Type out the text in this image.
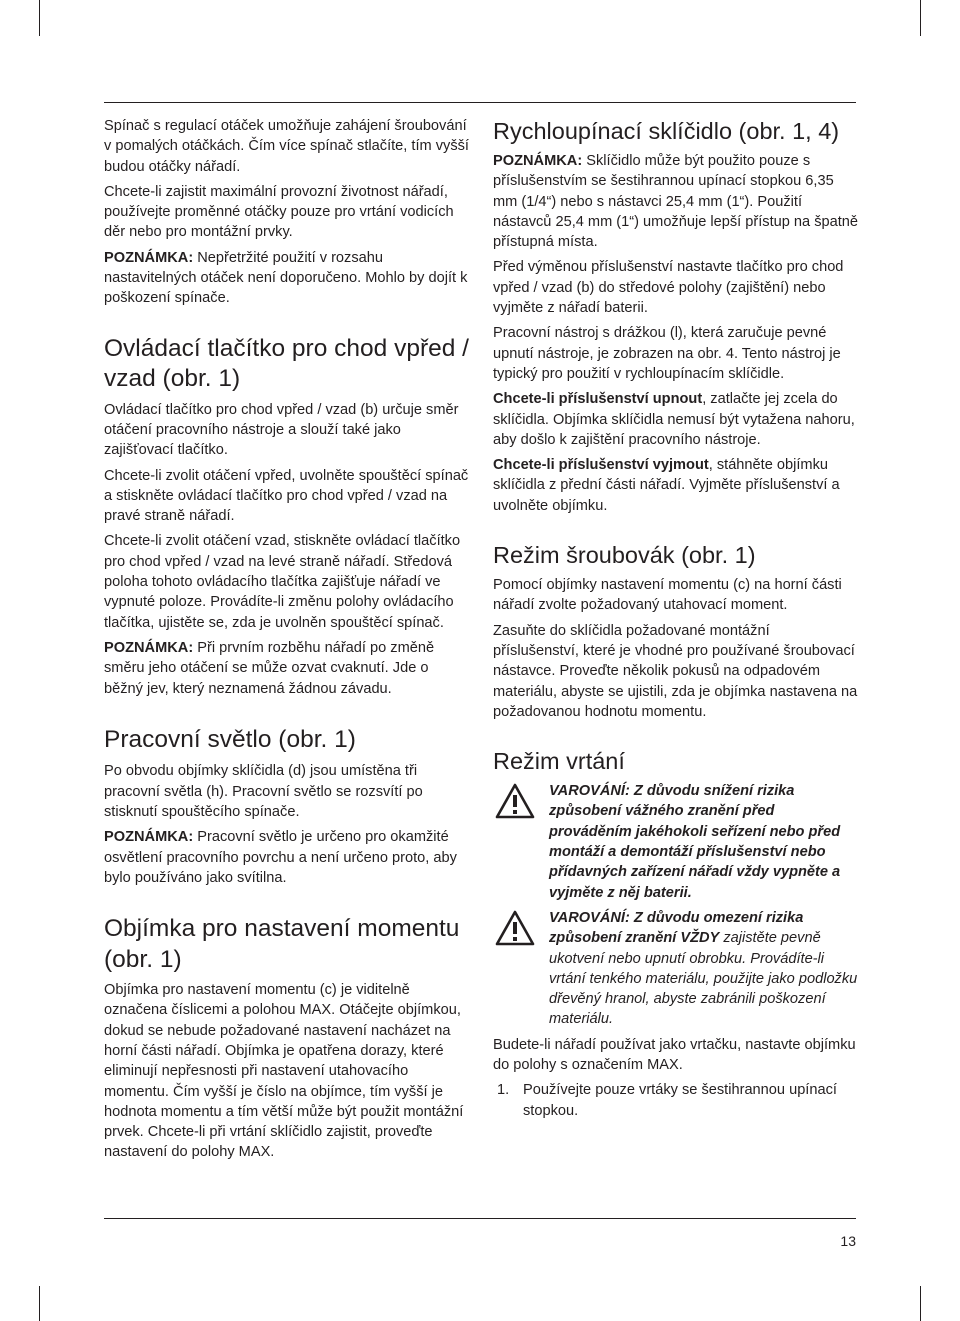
Spínač s regulací otáček umožňuje zahájení šroubování v pomalých otáčkách. Čím více spínač stlačíte, tím vyšší budou otáčky nářadí.

Chcete-li zajistit maximální provozní životnost nářadí, používejte proměnné otáčky pouze pro vrtání vodicích děr nebo pro montážní prvky.

POZNÁMKA: Nepřetržité použití v rozsahu nastavitelných otáček není doporučeno. Mohlo by dojít k poškození spínače.

Ovládací tlačítko pro chod vpřed / vzad (obr. 1)

Ovládací tlačítko pro chod vpřed / vzad (b) určuje směr otáčení pracovního nástroje a slouží také jako zajišťovací tlačítko.

Chcete-li zvolit otáčení vpřed, uvolněte spouštěcí spínač a stiskněte ovládací tlačítko pro chod vpřed / vzad na pravé straně nářadí.

Chcete-li zvolit otáčení vzad, stiskněte ovládací tlačítko pro chod vpřed / vzad na levé straně nářadí. Středová poloha tohoto ovládacího tlačítka zajišťuje nářadí ve vypnuté poloze. Provádíte-li změnu polohy ovládacího tlačítka, ujistěte se, zda je uvolněn spouštěcí spínač.

POZNÁMKA: Při prvním rozběhu nářadí po změně směru jeho otáčení se může ozvat cvaknutí. Jde o běžný jev, který neznamená žádnou závadu.

Pracovní světlo (obr. 1)

Po obvodu objímky sklíčidla (d) jsou umístěna tři pracovní světla (h). Pracovní světlo se rozsvítí po stisknutí spouštěcího spínače.

POZNÁMKA: Pracovní světlo je určeno pro okamžité osvětlení pracovního povrchu a není určeno proto, aby bylo používáno jako svítilna.

Objímka pro nastavení momentu (obr. 1)

Objímka pro nastavení momentu (c) je viditelně označena číslicemi a polohou MAX. Otáčejte objímkou, dokud se nebude požadované nastavení nacházet na horní části nářadí. Objímka je opatřena dorazy, které eliminují nepřesnosti při nastavení utahovacího momentu. Čím vyšší je číslo na objímce, tím vyšší je hodnota momentu a tím větší může být použit montážní prvek. Chcete-li při vrtání sklíčidlo zajistit, proveďte nastavení do polohy MAX.

Rychloupínací sklíčidlo (obr. 1, 4)

POZNÁMKA: Sklíčidlo může být použito pouze s příslušenstvím se šestihrannou upínací stopkou 6,35 mm (1/4“) nebo s nástavci 25,4 mm (1“). Použití nástavců 25,4 mm (1“) umožňuje lepší přístup na špatně přístupná místa.

Před výměnou příslušenství nastavte tlačítko pro chod vpřed / vzad (b) do středové polohy (zajištění) nebo vyjměte z nářadí baterii.

Pracovní nástroj s drážkou (l), která zaručuje pevné upnutí nástroje, je zobrazen na obr. 4. Tento nástroj je typický pro použití v rychloupínacím sklíčidle.

Chcete-li příslušenství upnout, zatlačte jej zcela do sklíčidla. Objímka sklíčidla nemusí být vytažena nahoru, aby došlo k zajištění pracovního nástroje.

Chcete-li příslušenství vyjmout, stáhněte objímku sklíčidla z přední části nářadí. Vyjměte příslušenství a uvolněte objímku.

Režim šroubovák (obr. 1)

Pomocí objímky nastavení momentu (c) na horní části nářadí zvolte požadovaný utahovací moment.

Zasuňte do sklíčidla požadované montážní příslušenství, které je vhodné pro používané šroubovací nástavce. Proveďte několik pokusů na odpadovém materiálu, abyste se ujistili, zda je objímka nastavena na požadovanou hodnotu momentu.

Režim vrtání

VAROVÁNÍ: Z důvodu snížení rizika způsobení vážného zranění před prováděním jakéhokoli seřízení nebo před montáží a demontáží příslušenství nebo přídavných zařízení nářadí vždy vypněte a vyjměte z něj baterii.

VAROVÁNÍ: Z důvodu omezení rizika způsobení zranění VŽDY zajistěte pevně ukotvení nebo upnutí obrobku. Provádíte-li vrtání tenkého materiálu, použijte jako podložku dřevěný hranol, abyste zabránili poškození materiálu.

Budete-li nářadí používat jako vrtačku, nastavte objímku do polohy s označením MAX.

1. Používejte pouze vrtáky se šestihrannou upínací stopkou.
13
